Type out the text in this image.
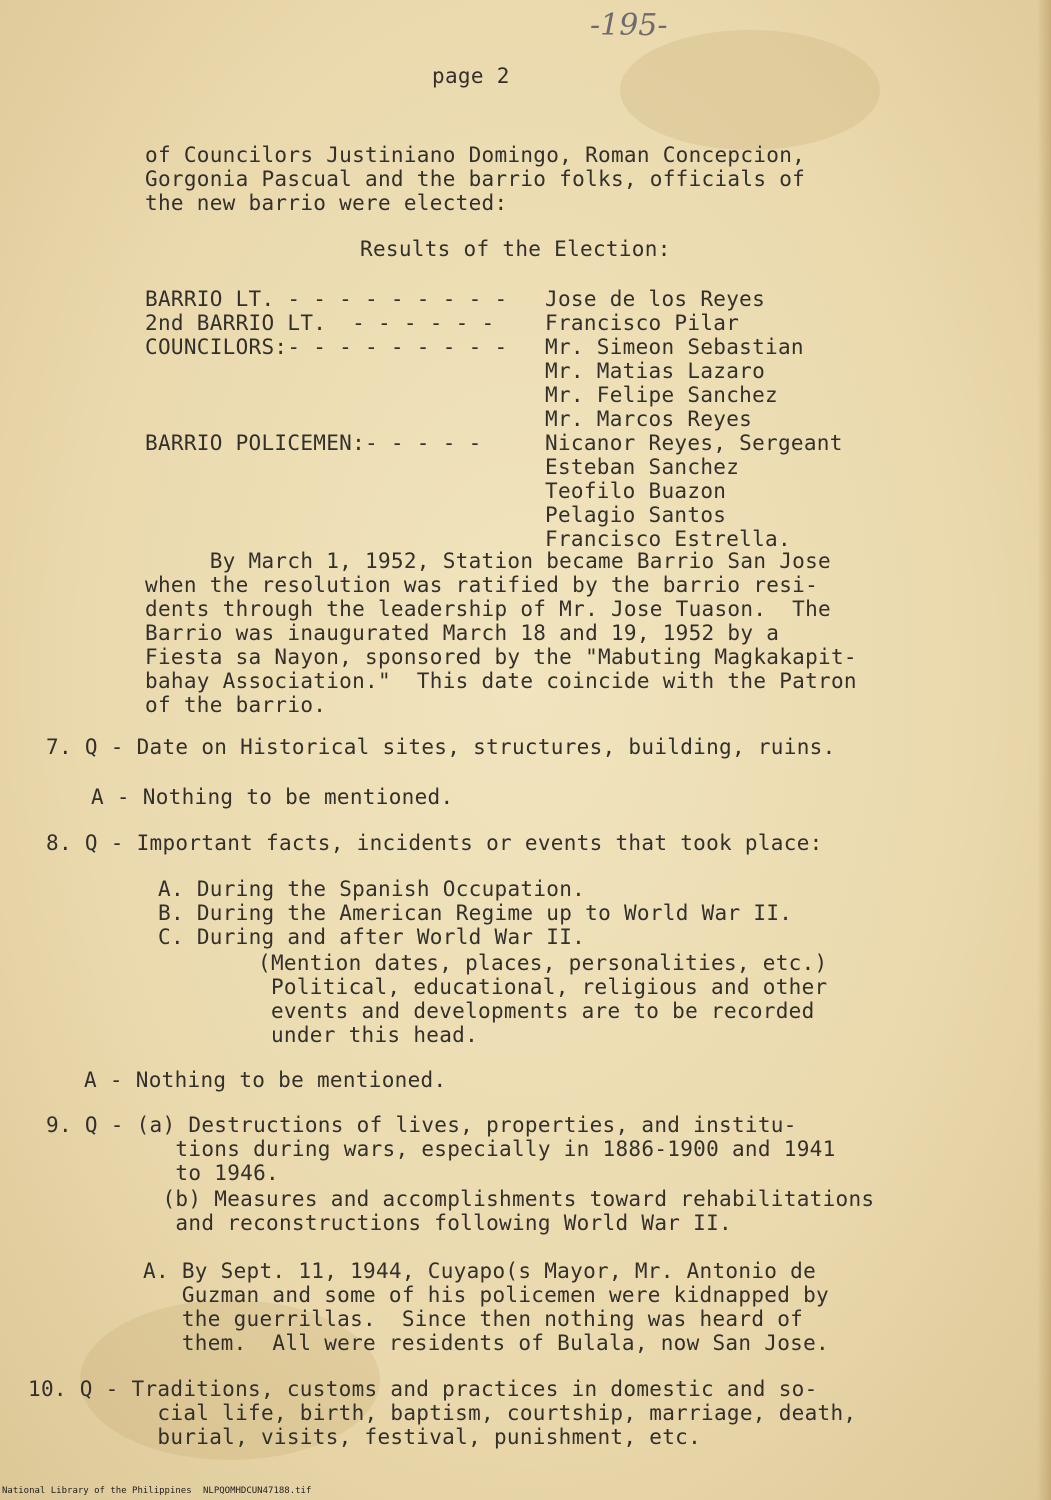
-195-
page 2
of Councilors Justiniano Domingo, Roman Concepcion,
Gorgonia Pascual and the barrio folks, officials of
the new barrio were elected:
Results of the Election:
BARRIO LT. - - - - - - - - - Jose de los Reyes
2nd BARRIO LT.  - - - - - - Francisco Pilar
COUNCILORS:- - - - - - - - - Mr. Simeon Sebastian
Mr. Matias Lazaro
Mr. Felipe Sanchez
Mr. Marcos Reyes
BARRIO POLICEMEN:- - - - -	Nicanor Reyes, Sergeant
Esteban Sanchez
Teofilo Buazon
Pelagio Santos
Francisco Estrella.
By March 1, 1952, Station became Barrio San Jose
when the resolution was ratified by the barrio resi-
dents through the leadership of Mr. Jose Tuason.  The
Barrio was inaugurated March 18 and 19, 1952 by a
Fiesta sa Nayon, sponsored by the "Mabuting Magkakapit-
bahay Association."  This date coincide with the Patron
of the barrio.
7. Q - Date on Historical sites, structures, building, ruins.
A - Nothing to be mentioned.
8. Q - Important facts, incidents or events that took place:
A. During the Spanish Occupation.
B. During the American Regime up to World War II.
C. During and after World War II.
(Mention dates, places, personalities, etc.)
Political, educational, religious and other
events and developments are to be recorded
under this head.
A - Nothing to be mentioned.
9. Q - (a) Destructions of lives, properties, and institu-
tions during wars, especially in 1886-1900 and 1941
to 1946.
(b) Measures and accomplishments toward rehabilitations
and reconstructions following World War II.
A. By Sept. 11, 1944, Cuyapo(s Mayor, Mr. Antonio de
Guzman and some of his policemen were kidnapped by
the guerrillas.  Since then nothing was heard of
them.  All were residents of Bulala, now San Jose.
10. Q - Traditions, customs and practices in domestic and so-
cial life, birth, baptism, courtship, marriage, death,
burial, visits, festival, punishment, etc.
National Library of the Philippines NLPQOMHDCUN47188.tif
